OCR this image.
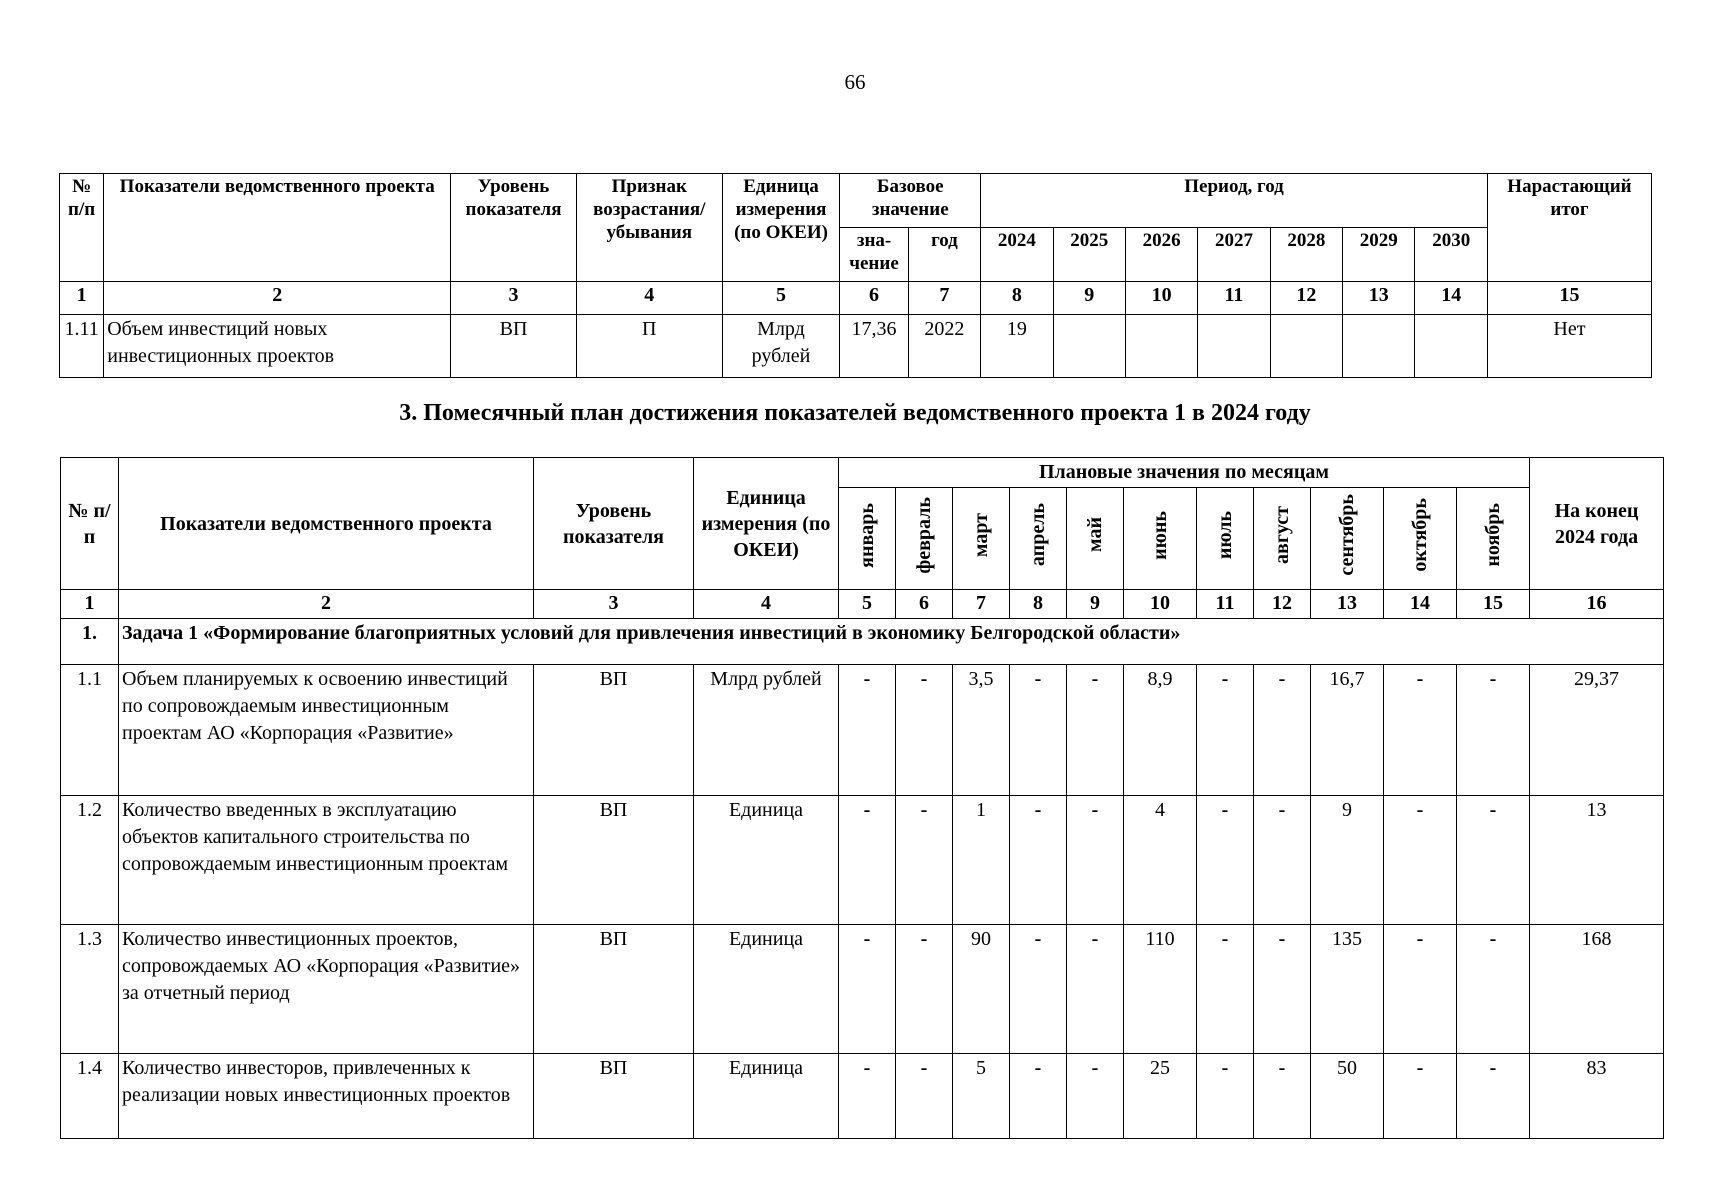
66
№ п/п	Показатели ведомственного проекта	Уровень показателя	Признак возрастания/ убывания	Единица измерения (по ОКЕИ)	Базовое значение		Период, год							Нарастающий итог
					зна- чение	год	2024	2025	2026	2027	2028	2029	2030	
1	2	3	4	5	6	7	8	9	10	11	12	13	14	15
1.11	Объем инвестиций новых инвестиционных проектов	ВП	П	Млрд рублей	17,36	2022	19							Нет
3. Помесячный план достижения показателей ведомственного проекта 1 в 2024 году
№ п/п	Показатели ведомственного проекта	Уровень показателя	Единица измерения (по ОКЕИ)	Плановые значения по месяцам											На конец 2024 года
				январь	февраль	март	апрель	май	июнь	июль	август	сентябрь	октябрь	ноябрь	
1	2	3	4	5	6	7	8	9	10	11	12	13	14	15	16
1.	Задача 1 «Формирование благоприятных условий для привлечения инвестиций в экономику Белгородской области»														
1.1	Объем планируемых к освоению инвестиций по сопровождаемым инвестиционным проектам АО «Корпорация «Развитие»	ВП	Млрд рублей	-	-	3,5	-	-	8,9	-	-	16,7	-	-	29,37
1.2	Количество введенных в эксплуатацию объектов капитального строительства по сопровождаемым инвестиционным проектам	ВП	Единица	-	-	1	-	-	4	-	-	9	-	-	13
1.3	Количество инвестиционных проектов, сопровождаемых АО «Корпорация «Развитие» за отчетный период	ВП	Единица	-	-	90	-	-	110	-	-	135	-	-	168
1.4	Количество инвесторов, привлеченных к реализации новых инвестиционных проектов	ВП	Единица	-	-	5	-	-	25	-	-	50	-	-	83
